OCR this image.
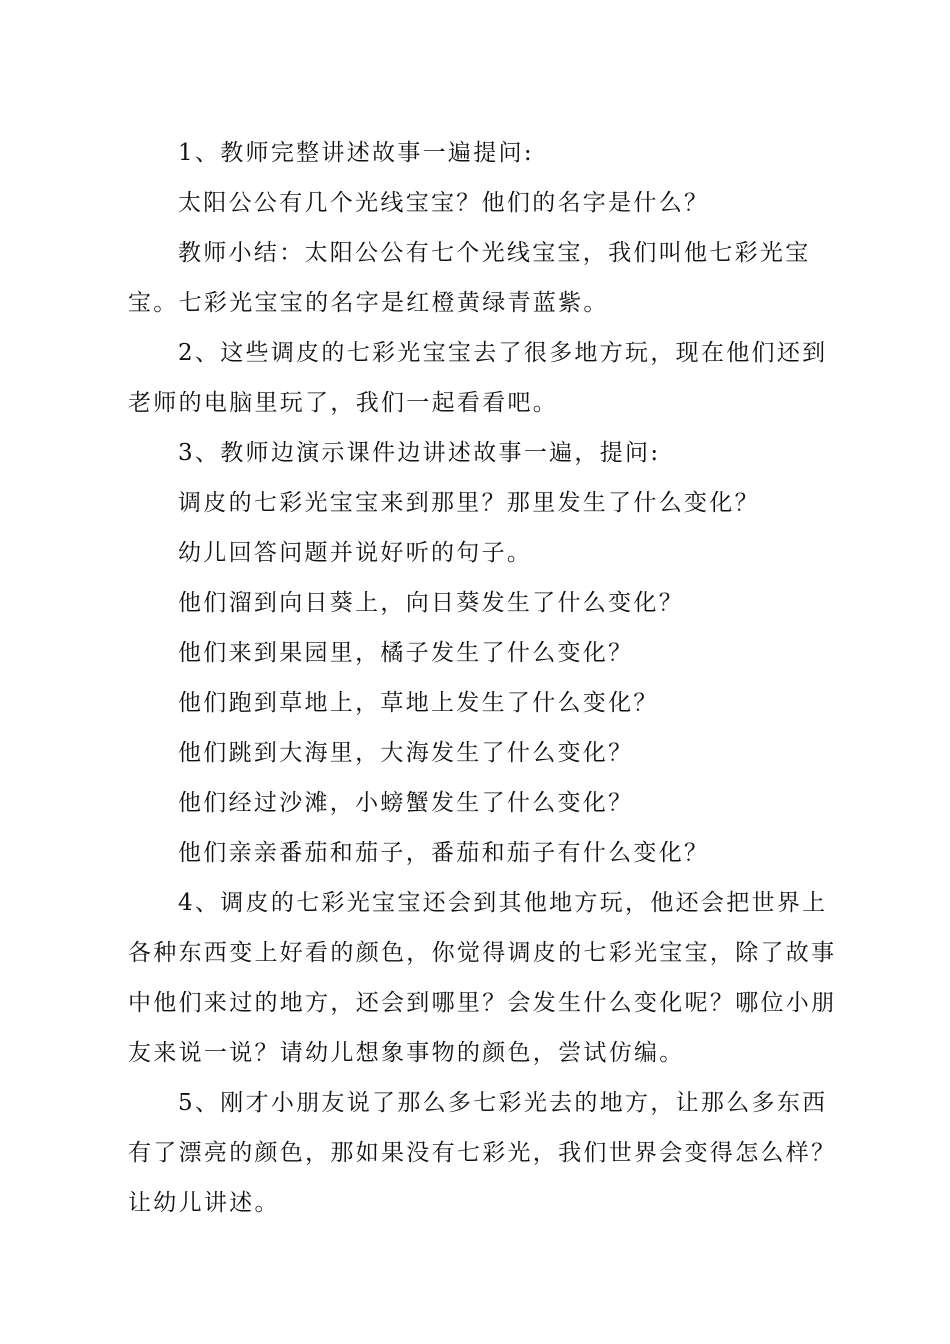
1、教师完整讲述故事一遍提问:

太阳公公有几个光线宝宝？他们的名字是什么？

教师小结：太阳公公有七个光线宝宝，我们叫他七彩光宝宝。七彩光宝宝的名字是红橙黄绿青蓝紫。

2、这些调皮的七彩光宝宝去了很多地方玩，现在他们还到老师的电脑里玩了，我们一起看看吧。

3、教师边演示课件边讲述故事一遍，提问:

调皮的七彩光宝宝来到那里？那里发生了什么变化？

幼儿回答问题并说好听的句子。

他们溜到向日葵上，向日葵发生了什么变化？

他们来到果园里，橘子发生了什么变化？

他们跑到草地上，草地上发生了什么变化？

他们跳到大海里，大海发生了什么变化？

他们经过沙滩，小螃蟹发生了什么变化？

他们亲亲番茄和茄子，番茄和茄子有什么变化？

4、调皮的七彩光宝宝还会到其他地方玩，他还会把世界上各种东西变上好看的颜色，你觉得调皮的七彩光宝宝，除了故事中他们来过的地方，还会到哪里？会发生什么变化呢？哪位小朋友来说一说？请幼儿想象事物的颜色，尝试仿编。

5、刚才小朋友说了那么多七彩光去的地方，让那么多东西有了漂亮的颜色，那如果没有七彩光，我们世界会变得怎么样？让幼儿讲述。
